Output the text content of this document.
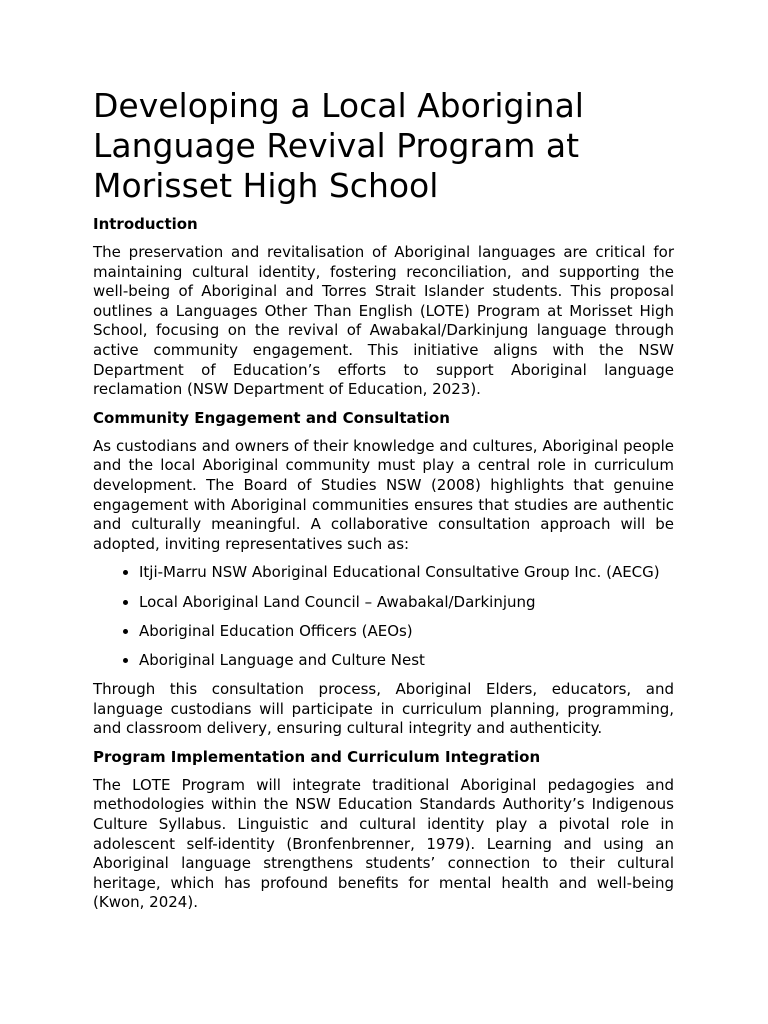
Developing a Local Aboriginal Language Revival Program at Morisset High School
Introduction

The preservation and revitalisation of Aboriginal languages are critical for maintaining cultural identity, fostering reconciliation, and supporting the well-being of Aboriginal and Torres Strait Islander students. This proposal outlines a Languages Other Than English (LOTE) Program at Morisset High School, focusing on the revival of Awabakal/Darkinjung language through active community engagement. This initiative aligns with the NSW Department of Education’s efforts to support Aboriginal language reclamation (NSW Department of Education, 2023).

Community Engagement and Consultation

As custodians and owners of their knowledge and cultures, Aboriginal people and the local Aboriginal community must play a central role in curriculum development. The Board of Studies NSW (2008) highlights that genuine engagement with Aboriginal communities ensures that studies are authentic and culturally meaningful. A collaborative consultation approach will be adopted, inviting representatives such as:

• Itji-Marru NSW Aboriginal Educational Consultative Group Inc. (AECG)
• Local Aboriginal Land Council – Awabakal/Darkinjung
• Aboriginal Education Officers (AEOs)
• Aboriginal Language and Culture Nest

Through this consultation process, Aboriginal Elders, educators, and language custodians will participate in curriculum planning, programming, and classroom delivery, ensuring cultural integrity and authenticity.

Program Implementation and Curriculum Integration

The LOTE Program will integrate traditional Aboriginal pedagogies and methodologies within the NSW Education Standards Authority’s Indigenous Culture Syllabus. Linguistic and cultural identity play a pivotal role in adolescent self-identity (Bronfenbrenner, 1979). Learning and using an Aboriginal language strengthens students’ connection to their cultural heritage, which has profound benefits for mental health and well-being (Kwon, 2024).
